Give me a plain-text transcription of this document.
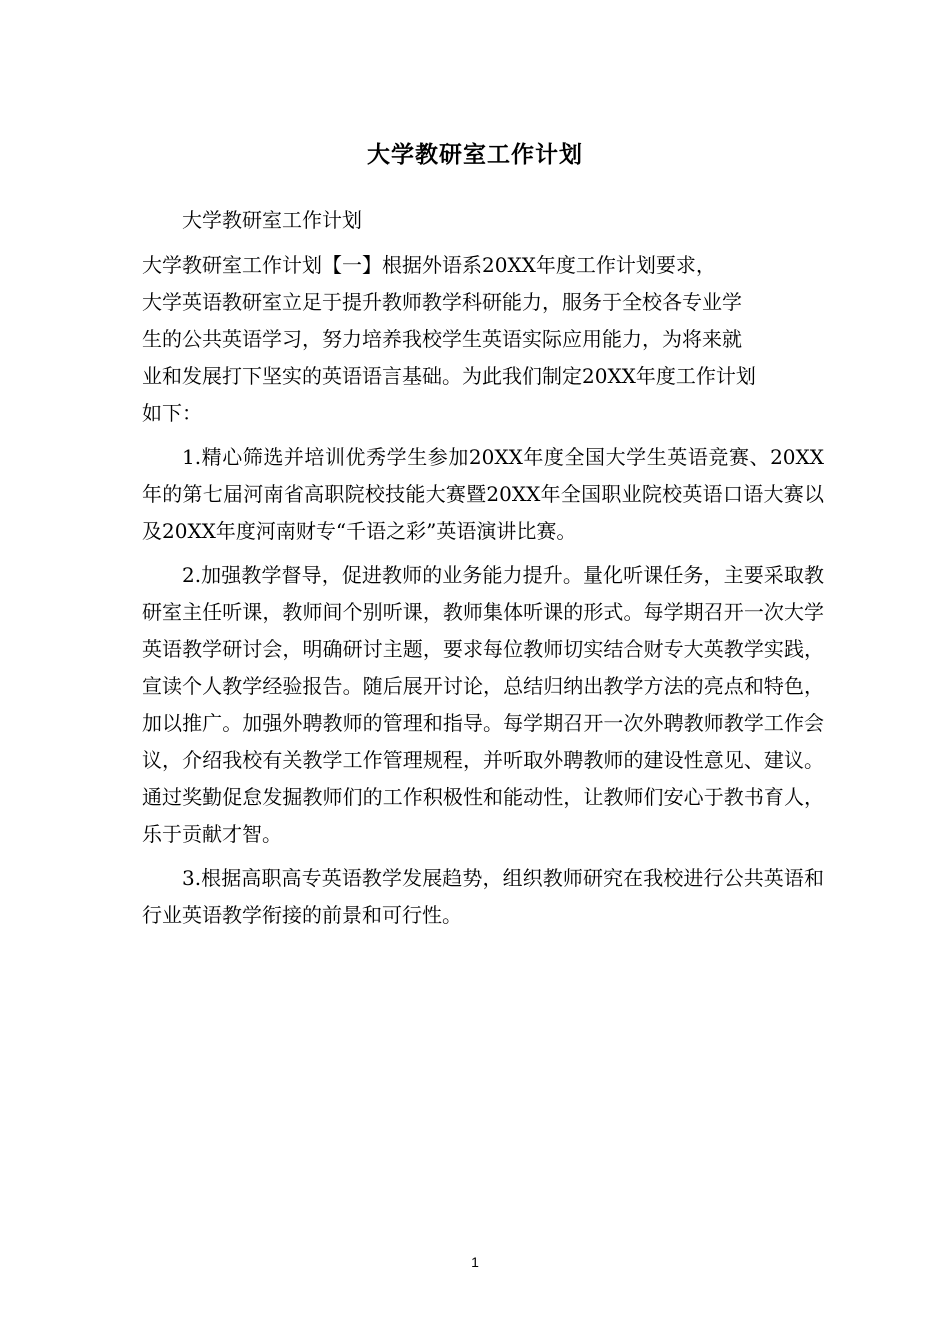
大学教研室工作计划

大学教研室工作计划

大学教研室工作计划【一】根据外语系20XX年度工作计划要求，
大学英语教研室立足于提升教师教学科研能力，服务于全校各专业学
生的公共英语学习，努力培养我校学生英语实际应用能力，为将来就
业和发展打下坚实的英语语言基础。为此我们制定20XX年度工作计划
如下：

1.精心筛选并培训优秀学生参加20XX年度全国大学生英语竞赛、20XX年的第七届河南省高职院校技能大赛暨20XX年全国职业院校英语口语大赛以及20XX年度河南财专“千语之彩”英语演讲比赛。

2.加强教学督导，促进教师的业务能力提升。量化听课任务，主要采取教研室主任听课，教师间个别听课，教师集体听课的形式。每学期召开一次大学英语教学研讨会，明确研讨主题，要求每位教师切实结合财专大英教学实践，宣读个人教学经验报告。随后展开讨论，总结归纳出教学方法的亮点和特色，加以推广。加强外聘教师的管理和指导。每学期召开一次外聘教师教学工作会议，介绍我校有关教学工作管理规程，并听取外聘教师的建设性意见、建议。通过奖勤促怠发掘教师们的工作积极性和能动性，让教师们安心于教书育人，乐于贡献才智。

3.根据高职高专英语教学发展趋势，组织教师研究在我校进行公共英语和行业英语教学衔接的前景和可行性。

1
